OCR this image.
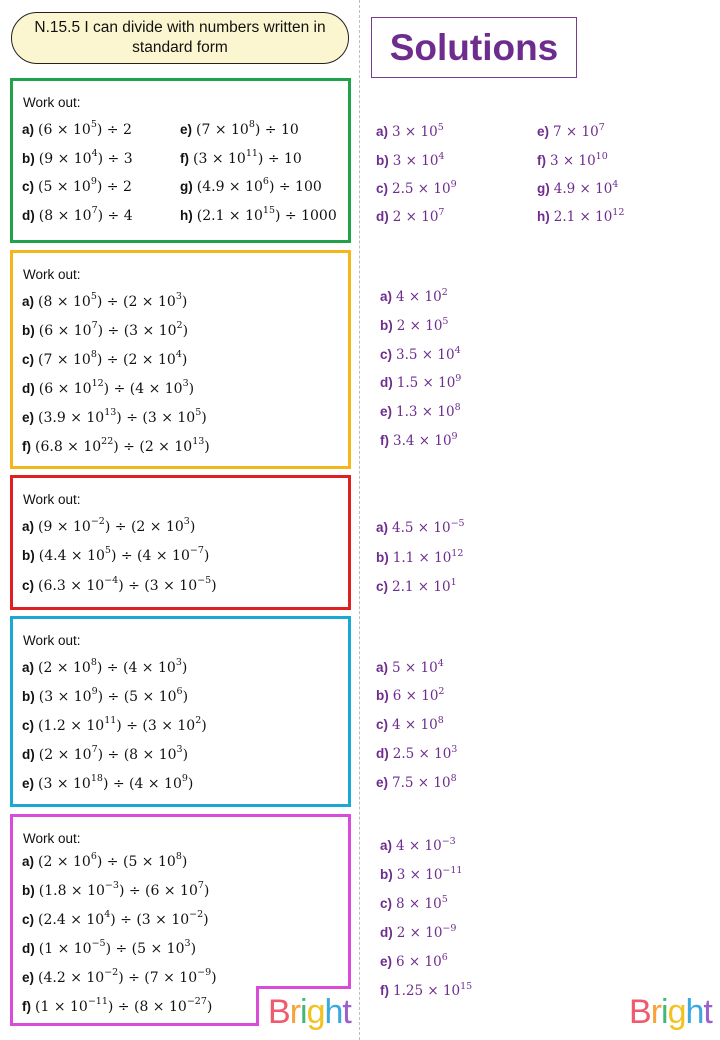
N.15.5 I can divide with numbers written in standard form	Solutions
Work out:
Work out:
Work out:
Work out:
Work out:
a) $(6 \times 10^5) \div 2$
b) $(9 \times 10^4) \div 3$
c) $(5 \times 10^9) \div 2$
d) $(8 \times 10^7) \div 4$
e) $(7 \times 10^8) \div 10$
f) $(3 \times 10^{11}) \div 10$
g) $(4.9 \times 10^6) \div 100$
h) $(2.1 \times 10^{15}) \div 1000$
a) $3 \times 10^5$
b) $3 \times 10^4$
c) $2.5 \times 10^9$
d) $2 \times 10^7$
e) $7 \times 10^7$
f) $3 \times 10^{10}$
g) $4.9 \times 10^4$
h) $2.1 \times 10^{12}$
a) $(8 \times 10^5) \div (2 \times 10^3)$
b) $(6 \times 10^7) \div (3 \times 10^2)$
c) $(7 \times 10^8) \div (2 \times 10^4)$
d) $(6 \times 10^{12}) \div (4 \times 10^3)$
e) $(3.9 \times 10^{13}) \div (3 \times 10^5)$
f) $(6.8 \times 10^{22}) \div (2 \times 10^{13})$
a) $4 \times 10^2$
b) $2 \times 10^5$
c) $3.5 \times 10^4$
d) $1.5 \times 10^9$
e) $1.3 \times 10^8$
f) $3.4 \times 10^9$
a) $(9 \times 10^{-2}) \div (2 \times 10^3)$
b) $(4.4 \times 10^5) \div (4 \times 10^{-7})$
c) $(6.3 \times 10^{-4}) \div (3 \times 10^{-5})$
a) $4.5 \times 10^{-5}$
b) $1.1 \times 10^{12}$
c) $2.1 \times 10^1$
a) $(2 \times 10^8) \div (4 \times 10^3)$
b) $(3 \times 10^9) \div (5 \times 10^6)$
c) $(1.2 \times 10^{11}) \div (3 \times 10^2)$
d) $(2 \times 10^7) \div (8 \times 10^3)$
e) $(3 \times 10^{18}) \div (4 \times 10^9)$
a) $5 \times 10^4$
b) $6 \times 10^2$
c) $4 \times 10^8$
d) $2.5 \times 10^3$
e) $7.5 \times 10^8$
a) $(2 \times 10^6) \div (5 \times 10^8)$
b) $(1.8 \times 10^{-3}) \div (6 \times 10^7)$
c) $(2.4 \times 10^4) \div (3 \times 10^{-2})$
d) $(1 \times 10^{-5}) \div (5 \times 10^3)$
e) $(4.2 \times 10^{-2}) \div (7 \times 10^{-9})$
f) $(1 \times 10^{-11}) \div (8 \times 10^{-27})$
a) $4 \times 10^{-3}$
b) $3 \times 10^{-11}$
c) $8 \times 10^5$
d) $2 \times 10^{-9}$
e) $6 \times 10^6$
f) $1.25 \times 10^{15}$
Bright	Bright
